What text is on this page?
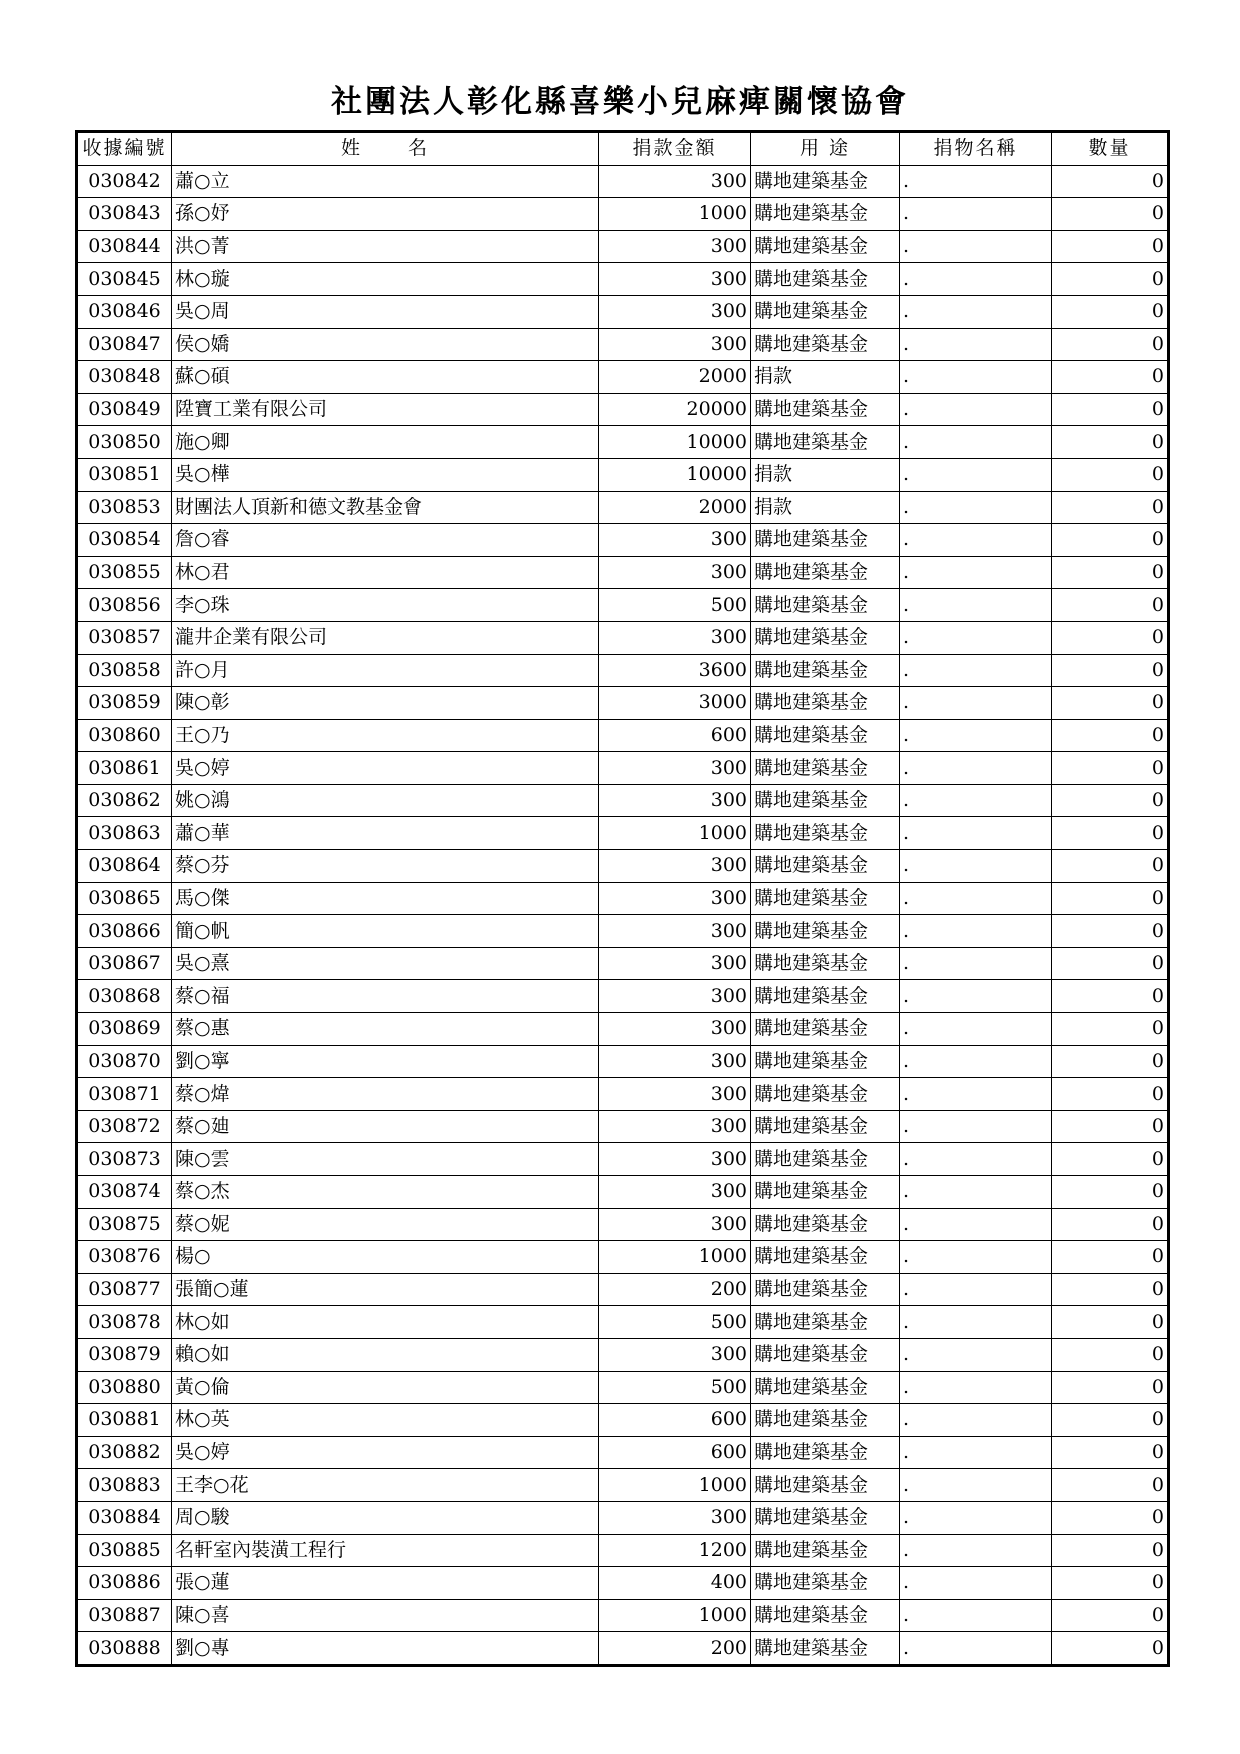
社團法人彰化縣喜樂小兒麻痺關懷協會
收據編號	姓 名	捐款金額	用 途	捐物名稱	數量
030842	蕭○立	300	購地建築基金	.	0
030843	孫○妤	1000	購地建築基金	.	0
030844	洪○菁	300	購地建築基金	.	0
030845	林○璇	300	購地建築基金	.	0
030846	吳○周	300	購地建築基金	.	0
030847	侯○嬌	300	購地建築基金	.	0
030848	蘇○碩	2000	捐款	.	0
030849	陞寶工業有限公司	20000	購地建築基金	.	0
030850	施○卿	10000	購地建築基金	.	0
030851	吳○樺	10000	捐款	.	0
030853	財團法人頂新和德文教基金會	2000	捐款	.	0
030854	詹○睿	300	購地建築基金	.	0
030855	林○君	300	購地建築基金	.	0
030856	李○珠	500	購地建築基金	.	0
030857	瀧井企業有限公司	300	購地建築基金	.	0
030858	許○月	3600	購地建築基金	.	0
030859	陳○彰	3000	購地建築基金	.	0
030860	王○乃	600	購地建築基金	.	0
030861	吳○婷	300	購地建築基金	.	0
030862	姚○鴻	300	購地建築基金	.	0
030863	蕭○華	1000	購地建築基金	.	0
030864	蔡○芬	300	購地建築基金	.	0
030865	馬○傑	300	購地建築基金	.	0
030866	簡○帆	300	購地建築基金	.	0
030867	吳○熹	300	購地建築基金	.	0
030868	蔡○福	300	購地建築基金	.	0
030869	蔡○惠	300	購地建築基金	.	0
030870	劉○寧	300	購地建築基金	.	0
030871	蔡○煒	300	購地建築基金	.	0
030872	蔡○廸	300	購地建築基金	.	0
030873	陳○雲	300	購地建築基金	.	0
030874	蔡○杰	300	購地建築基金	.	0
030875	蔡○妮	300	購地建築基金	.	0
030876	楊○	1000	購地建築基金	.	0
030877	張簡○蓮	200	購地建築基金	.	0
030878	林○如	500	購地建築基金	.	0
030879	賴○如	300	購地建築基金	.	0
030880	黃○倫	500	購地建築基金	.	0
030881	林○英	600	購地建築基金	.	0
030882	吳○婷	600	購地建築基金	.	0
030883	王李○花	1000	購地建築基金	.	0
030884	周○駿	300	購地建築基金	.	0
030885	名軒室內裝潢工程行	1200	購地建築基金	.	0
030886	張○蓮	400	購地建築基金	.	0
030887	陳○喜	1000	購地建築基金	.	0
030888	劉○專	200	購地建築基金	.	0
